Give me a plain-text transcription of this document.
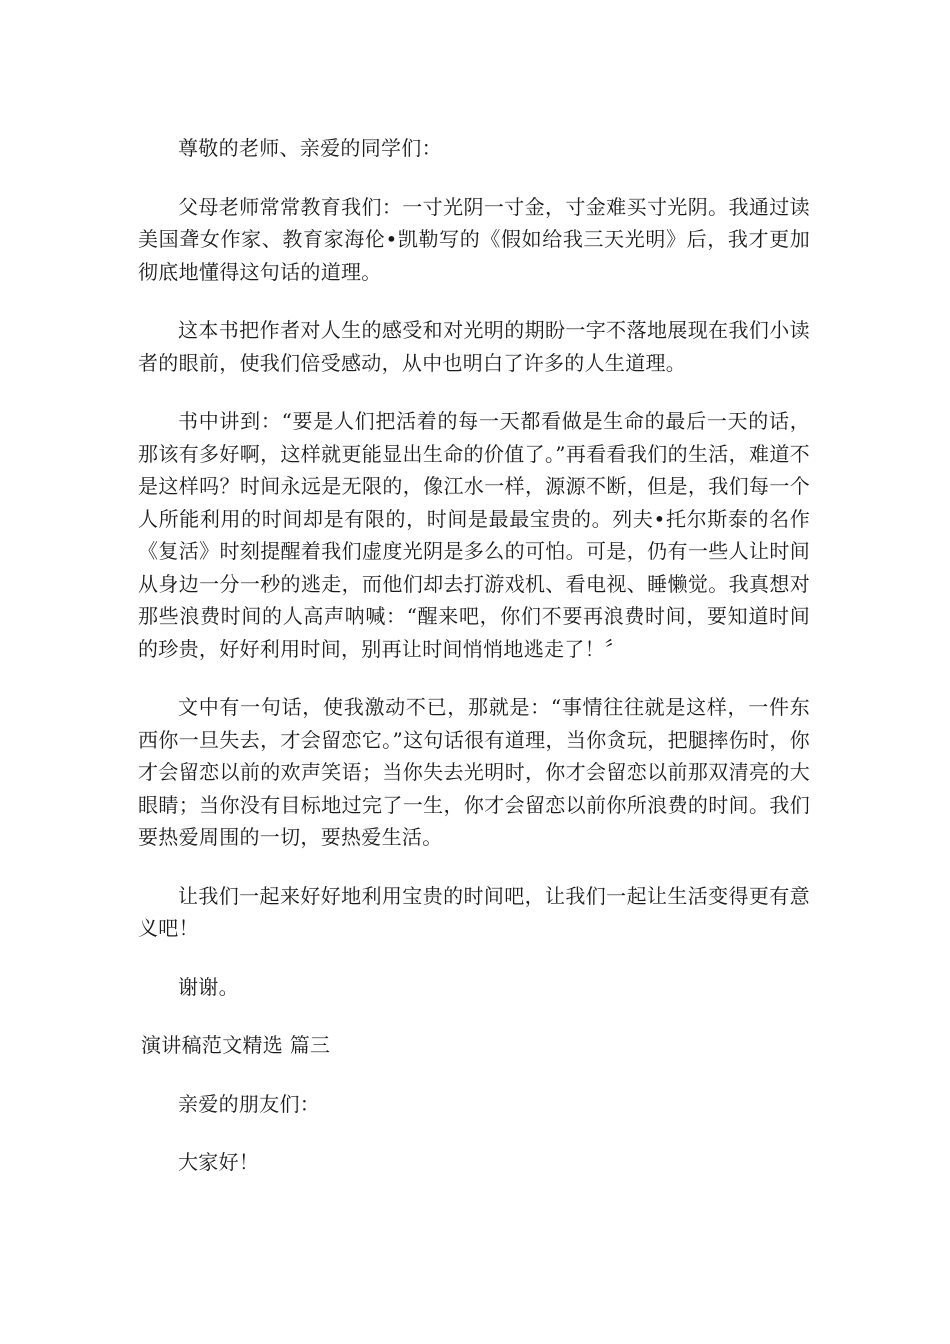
尊敬的老师、亲爱的同学们：

父母老师常常教育我们：一寸光阴一寸金，寸金难买寸光阴。我通过读美国聋女作家、教育家海伦•凯勒写的《假如给我三天光明》后，我才更加彻底地懂得这句话的道理。

这本书把作者对人生的感受和对光明的期盼一字不落地展现在我们小读者的眼前，使我们倍受感动，从中也明白了许多的人生道理。

书中讲到：“要是人们把活着的每一天都看做是生命的最后一天的话，那该有多好啊，这样就更能显出生命的价值了。”再看看我们的生活，难道不是这样吗？时间永远是无限的，像江水一样，源源不断，但是，我们每一个人所能利用的时间却是有限的，时间是最最宝贵的。列夫•托尔斯泰的名作《复活》时刻提醒着我们虚度光阴是多么的可怕。可是，仍有一些人让时间从身边一分一秒的逃走，而他们却去打游戏机、看电视、睡懒觉。我真想对那些浪费时间的人高声呐喊：“醒来吧，你们不要再浪费时间，要知道时间的珍贵，好好利用时间，别再让时间悄悄地逃走了！〞

文中有一句话，使我激动不已，那就是：“事情往往就是这样，一件东西你一旦失去，才会留恋它。”这句话很有道理，当你贪玩，把腿摔伤时，你才会留恋以前的欢声笑语；当你失去光明时，你才会留恋以前那双清亮的大眼睛；当你没有目标地过完了一生，你才会留恋以前你所浪费的时间。我们要热爱周围的一切，要热爱生活。

让我们一起来好好地利用宝贵的时间吧，让我们一起让生活变得更有意义吧！

谢谢。

演讲稿范文精选 篇三

亲爱的朋友们：

大家好！
